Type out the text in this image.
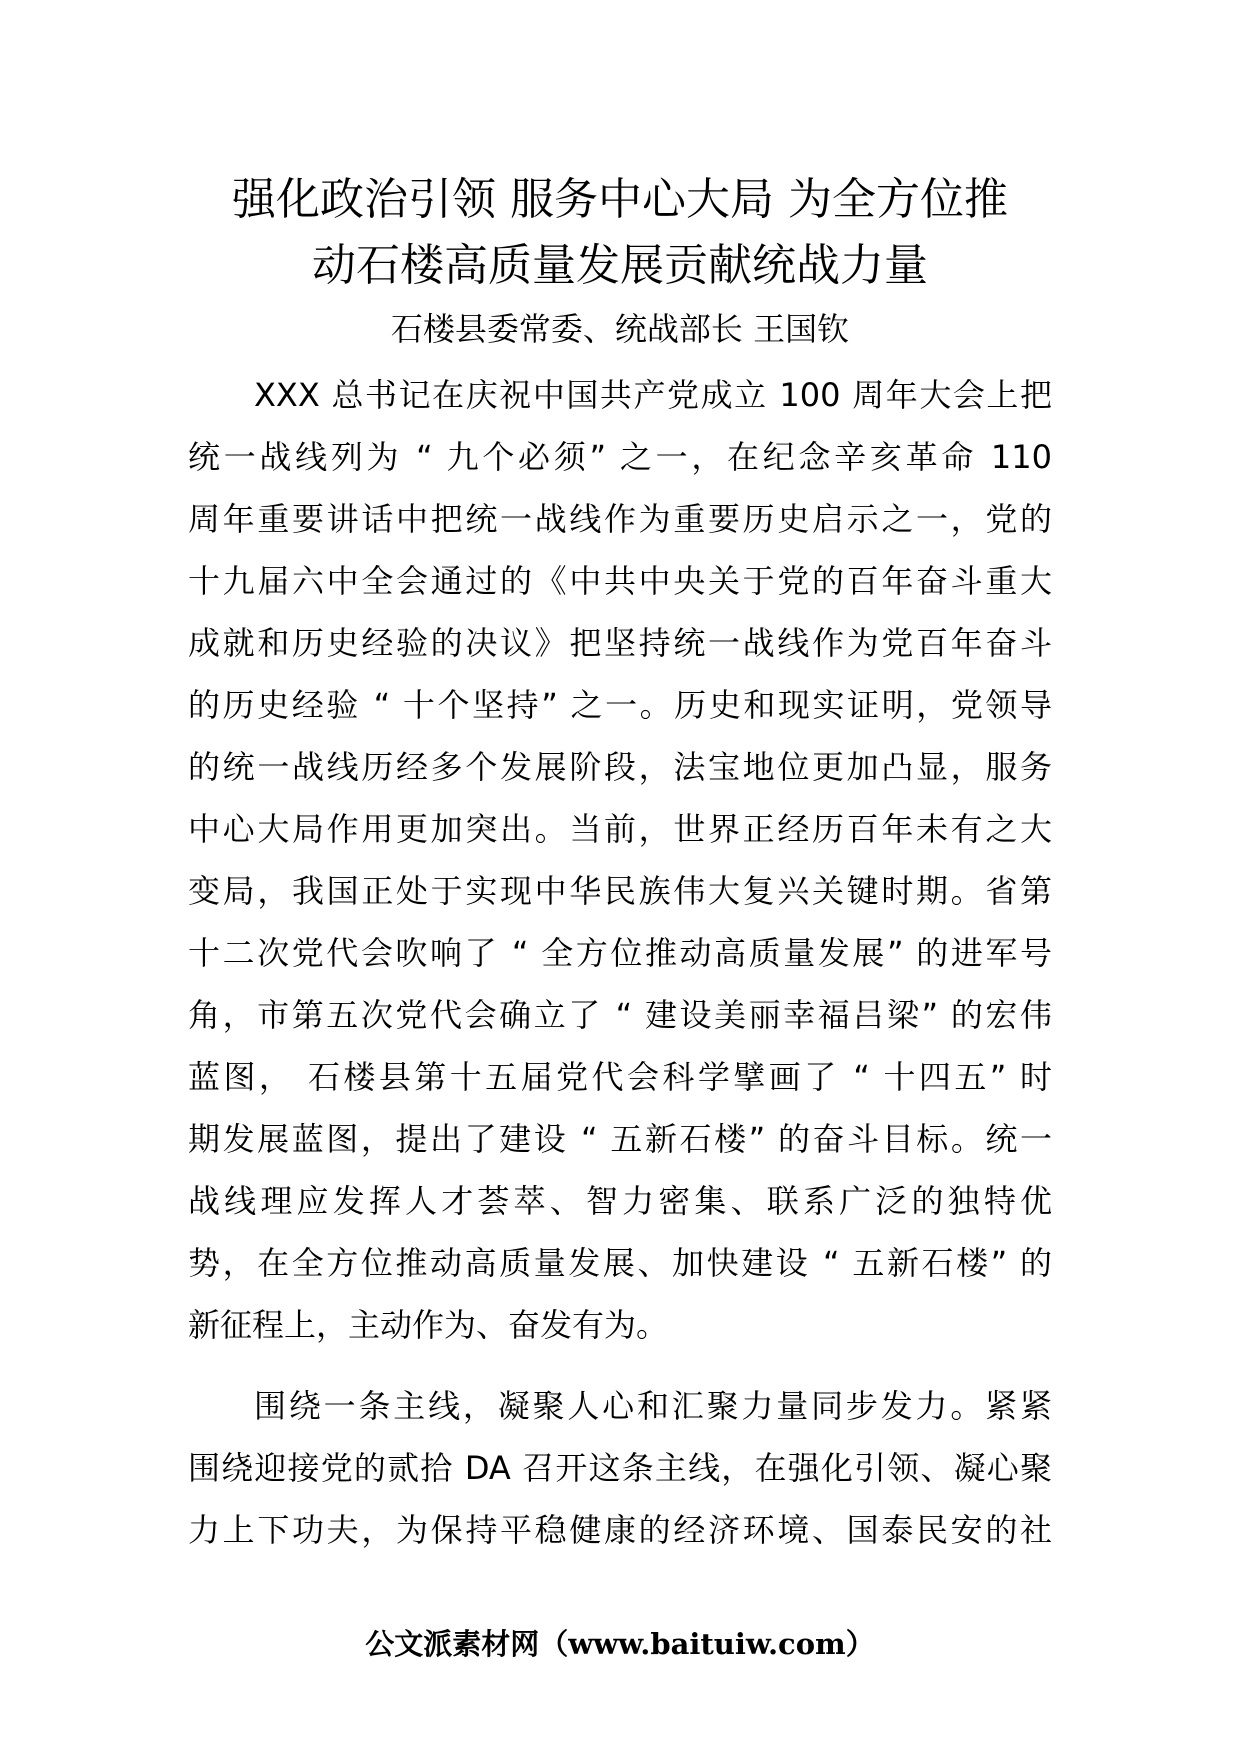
强化政治引领 服务中心大局 为全方位推
动石楼高质量发展贡献统战力量
石楼县委常委、统战部长 王国钦
XXX 总书记在庆祝中国共产党成立 100 周年大会上把
统一战线列为 “ 九个必须” 之一，在纪念辛亥革命 110
周年重要讲话中把统一战线作为重要历史启示之一，党的
十九届六中全会通过的《中共中央关于党的百年奋斗重大
成就和历史经验的决议》把坚持统一战线作为党百年奋斗
的历史经验 “ 十个坚持” 之一。历史和现实证明，党领导
的统一战线历经多个发展阶段，法宝地位更加凸显，服务
中心大局作用更加突出。当前，世界正经历百年未有之大
变局，我国正处于实现中华民族伟大复兴关键时期。省第
十二次党代会吹响了 “ 全方位推动高质量发展” 的进军号
角，市第五次党代会确立了 “ 建设美丽幸福吕梁” 的宏伟
蓝图， 石楼县第十五届党代会科学擘画了 “ 十四五” 时
期发展蓝图，提出了建设 “ 五新石楼” 的奋斗目标。统一
战线理应发挥人才荟萃、智力密集、联系广泛的独特优
势，在全方位推动高质量发展、加快建设 “ 五新石楼” 的
新征程上，主动作为、奋发有为。
围绕一条主线，凝聚人心和汇聚力量同步发力。紧紧
围绕迎接党的贰拾 DA 召开这条主线，在强化引领、凝心聚
力上下功夫，为保持平稳健康的经济环境、国泰民安的社
公文派素材网（www.baituiw.com）
